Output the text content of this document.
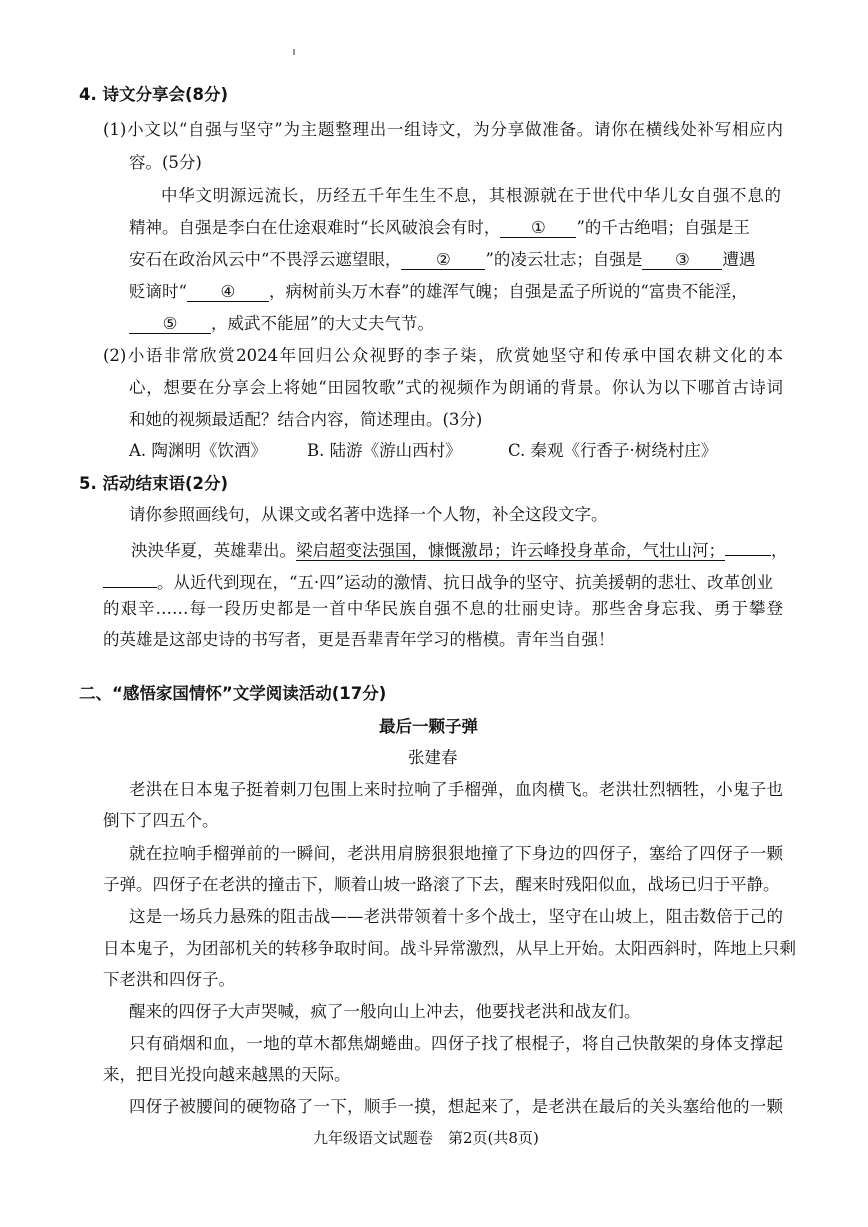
4. 诗文分享会(8分)
(1)小文以“自强与坚守”为主题整理出一组诗文，为分享做准备。请你在横线处补写相应内
容。(5分)
中华文明源远流长，历经五千年生生不息，其根源就在于世代中华儿女自强不息的
精神。自强是李白在仕途艰难时“长风破浪会有时， ① ”的千古绝唱；自强是王
安石在政治风云中“不畏浮云遮望眼， ② ”的凌云壮志；自强是 ③ 遭遇
贬谪时“ ④ ，病树前头万木春”的雄浑气魄；自强是孟子所说的“富贵不能淫，
⑤ ，威武不能屈”的大丈夫气节。
(2)小语非常欣赏2024年回归公众视野的李子柒，欣赏她坚守和传承中国农耕文化的本
心，想要在分享会上将她“田园牧歌”式的视频作为朗诵的背景。你认为以下哪首古诗词
和她的视频最适配？结合内容，简述理由。(3分)
A. 陶渊明《饮酒》 B. 陆游《游山西村》	C. 秦观《行香子·树绕村庄》
5. 活动结束语(2分)
请你参照画线句，从课文或名著中选择一个人物，补全这段文字。
泱泱华夏，英雄辈出。梁启超变法强国，慷慨激昂；许云峰投身革命，气壮山河；	，
。从近代到现在，“五·四”运动的激情、抗日战争的坚守、抗美援朝的悲壮、改革创业
的艰辛……每一段历史都是一首中华民族自强不息的壮丽史诗。那些舍身忘我、勇于攀登
的英雄是这部史诗的书写者，更是吾辈青年学习的楷模。青年当自强！
二、“感悟家国情怀”文学阅读活动(17分)
最后一颗子弹
张建春
老洪在日本鬼子挺着刺刀包围上来时拉响了手榴弹，血肉横飞。老洪壮烈牺牲，小鬼子也
倒下了四五个。
就在拉响手榴弹前的一瞬间，老洪用肩膀狠狠地撞了下身边的四伢子，塞给了四伢子一颗
子弹。四伢子在老洪的撞击下，顺着山坡一路滚了下去，醒来时残阳似血，战场已归于平静。
这是一场兵力悬殊的阻击战——老洪带领着十多个战士，坚守在山坡上，阻击数倍于己的
日本鬼子，为团部机关的转移争取时间。战斗异常激烈，从早上开始。太阳西斜时，阵地上只剩
下老洪和四伢子。
醒来的四伢子大声哭喊，疯了一般向山上冲去，他要找老洪和战友们。
只有硝烟和血，一地的草木都焦煳蜷曲。四伢子找了根棍子，将自己快散架的身体支撑起
来，把目光投向越来越黑的天际。
四伢子被腰间的硬物硌了一下，顺手一摸，想起来了，是老洪在最后的关头塞给他的一颗
九年级语文试题卷　第2页(共8页)
